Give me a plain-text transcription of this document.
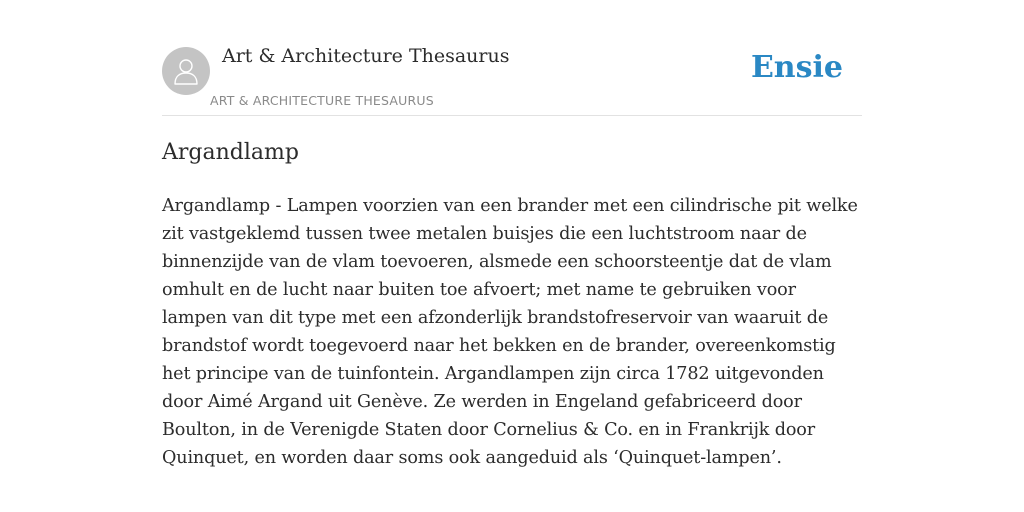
Art & Architecture Thesaurus
ART & ARCHITECTURE THESAURUS
Ensie
Argandlamp

Argandlamp - Lampen voorzien van een brander met een cilindrische pit welke zit vastgeklemd tussen twee metalen buisjes die een luchtstroom naar de binnenzijde van de vlam toevoeren, alsmede een schoorsteentje dat de vlam omhult en de lucht naar buiten toe afvoert; met name te gebruiken voor lampen van dit type met een afzonderlijk brandstofreservoir van waaruit de brandstof wordt toegevoerd naar het bekken en de brander, overeenkomstig het principe van de tuinfontein. Argandlampen zijn circa 1782 uitgevonden door Aimé Argand uit Genève. Ze werden in Engeland gefabriceerd door Boulton, in de Verenigde Staten door Cornelius & Co. en in Frankrijk door Quinquet, en worden daar soms ook aangeduid als ‘Quinquet-lampen’.
